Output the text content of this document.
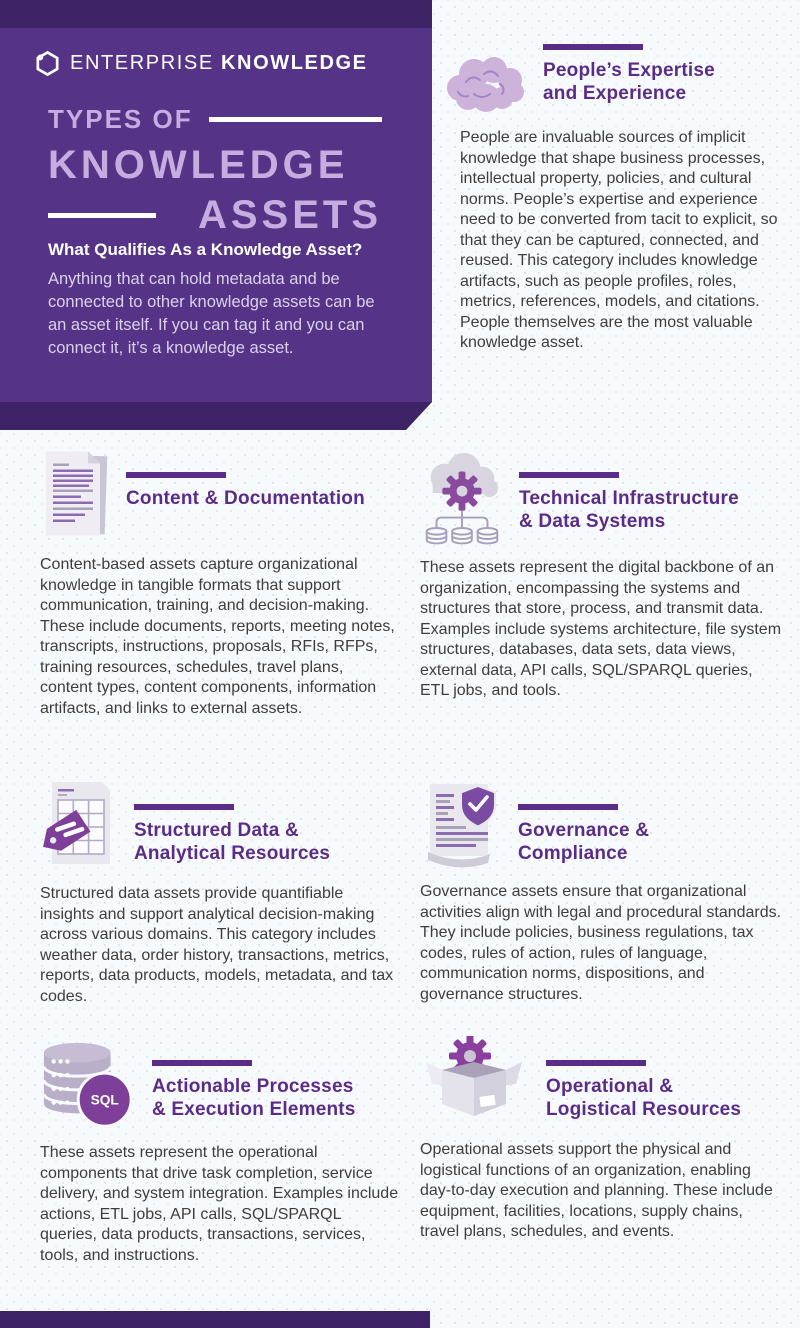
ENTERPRISE KNOWLEDGE
TYPES OF
KNOWLEDGE
ASSETS
What Qualifies As a Knowledge Asset?
Anything that can hold metadata and be connected to other knowledge assets can be an asset itself. If you can tag it and you can connect it, it’s a knowledge asset.
People’s Expertise
and Experience
People are invaluable sources of implicit knowledge that shape business processes, intellectual property, policies, and cultural norms. People’s expertise and experience need to be converted from tacit to explicit, so that they can be captured, connected, and reused. This category includes knowledge artifacts, such as people profiles, roles, metrics, references, models, and citations. People themselves are the most valuable knowledge asset.
Content & Documentation
Content-based assets capture organizational knowledge in tangible formats that support communication, training, and decision-making. These include documents, reports, meeting notes, transcripts, instructions, proposals, RFIs, RFPs, training resources, schedules, travel plans, content types, content components, information artifacts, and links to external assets.
Technical Infrastructure
& Data Systems
These assets represent the digital backbone of an organization, encompassing the systems and structures that store, process, and transmit data. Examples include systems architecture, file system structures, databases, data sets, data views, external data, API calls, SQL/SPARQL queries, ETL jobs, and tools.
Structured Data &
Analytical Resources
Structured data assets provide quantifiable insights and support analytical decision-making across various domains. This category includes weather data, order history, transactions, metrics, reports, data products, models, metadata, and tax codes.
Governance &
Compliance
Governance assets ensure that organizational activities align with legal and procedural standards. They include policies, business regulations, tax codes, rules of action, rules of language, communication norms, dispositions, and governance structures.
SQL
Actionable Processes
& Execution Elements
These assets represent the operational components that drive task completion, service delivery, and system integration. Examples include actions, ETL jobs, API calls, SQL/SPARQL queries, data products, transactions, services, tools, and instructions.
Operational &
Logistical Resources
Operational assets support the physical and logistical functions of an organization, enabling day-to-day execution and planning. These include equipment, facilities, locations, supply chains, travel plans, schedules, and events.
